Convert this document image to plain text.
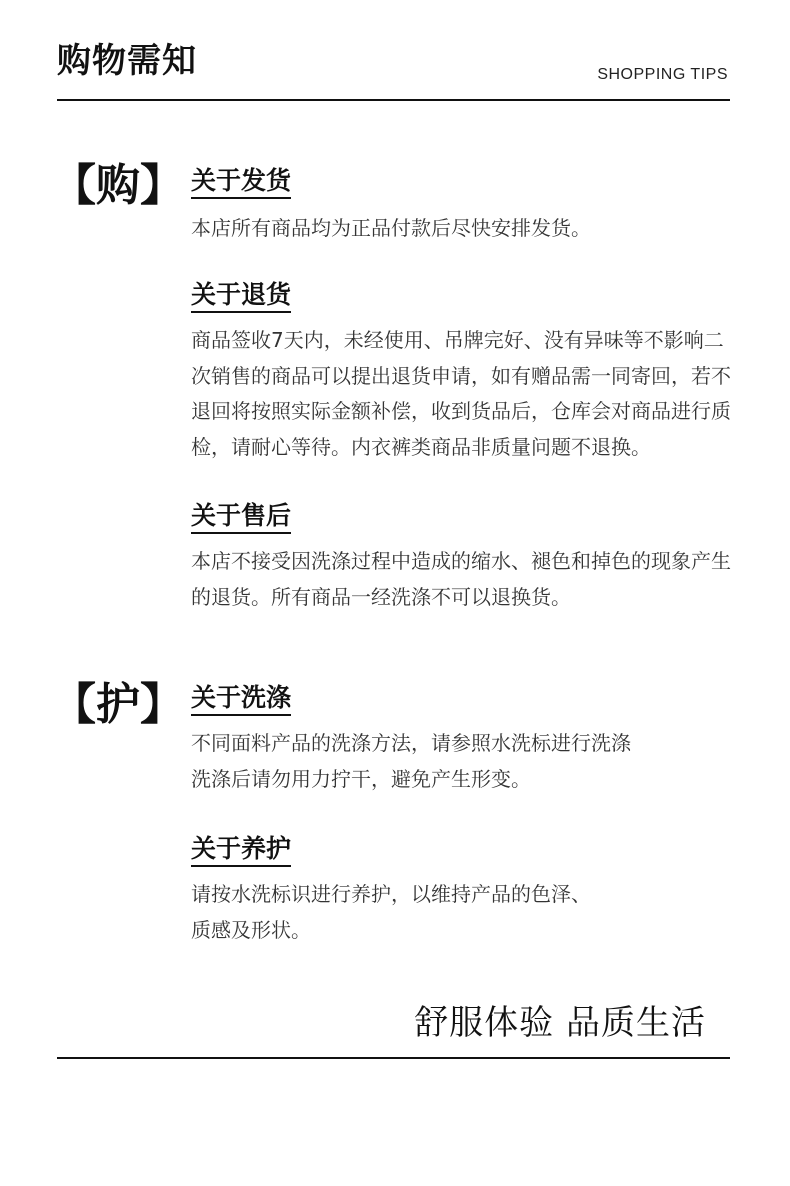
购物需知	SHOPPING TIPS
【购】 关于发货
本店所有商品均为正品付款后尽快安排发货。
关于退货
商品签收7天内，未经使用、吊牌完好、没有异味等不影响二次销售的商品可以提出退货申请，如有赠品需一同寄回，若不退回将按照实际金额补偿，收到货品后，仓库会对商品进行质检，请耐心等待。内衣裤类商品非质量问题不退换。
关于售后
本店不接受因洗涤过程中造成的缩水、褪色和掉色的现象产生的退货。所有商品一经洗涤不可以退换货。
【护】 关于洗涤
不同面料产品的洗涤方法，请参照水洗标进行洗涤
洗涤后请勿用力拧干，避免产生形变。
关于养护
请按水洗标识进行养护，以维持产品的色泽、
质感及形状。
舒服体验 品质生活
